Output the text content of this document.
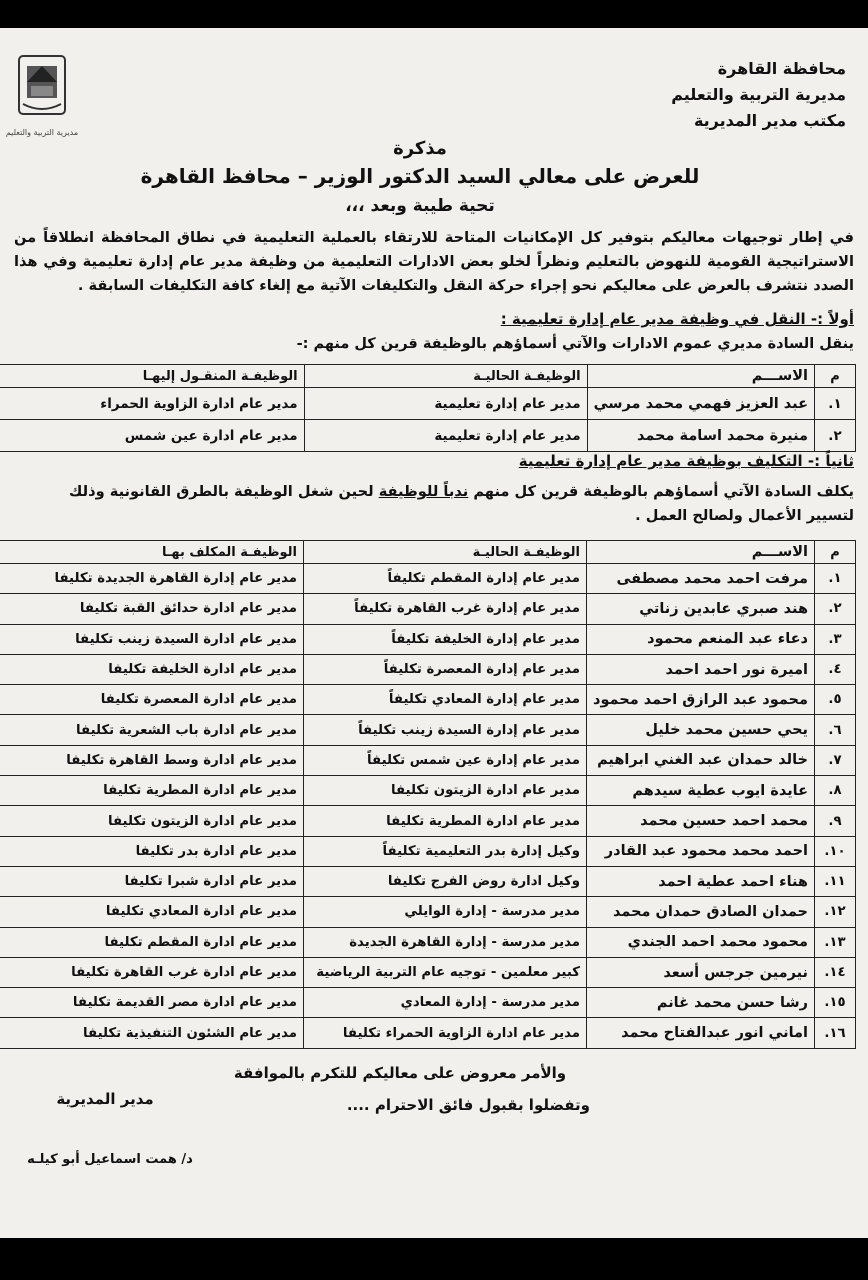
مديرية التربية والتعليم
محافظة القاهرة
مديرية التربية والتعليم
مكتب مدير المديرية
مذكرة
للعرض على معالي السيد الدكتور الوزير – محافظ القاهرة
تحية طيبة وبعد ،،،
في إطار توجيهات معاليكم بتوفير كل الإمكانيات المتاحة للارتقاء بالعملية التعليمية في نطاق المحافظة انطلاقاً من الاستراتيجية القومية للنهوض بالتعليم ونظراً لخلو بعض الادارات التعليمية من وظيفة مدير عام إدارة تعليمية وفي هذا الصدد نتشرف بالعرض على معاليكم نحو إجراء حركة النقل والتكليفات الآتية مع إلغاء كافة التكليفات السابقة .
أولاً :- النقل في وظيفة مدير عام إدارة تعليمية :
ينقل السادة مديري عموم الادارات والآتي أسماؤهم بالوظيفة قرين كل منهم :-
م	الاســـم	الوظيفـة الحاليـة	الوظيفـة المنقـول إليهـا
١.	عبد العزيز فهمي محمد مرسي	مدير عام إدارة تعليمية	مدير عام ادارة الزاوية الحمراء
٢.	منيرة محمد اسامة محمد	مدير عام إدارة تعليمية	مدير عام ادارة عين شمس
ثانياً :- التكليف بوظيفة مدير عام إدارة تعليمية
يكلف السادة الآتي أسماؤهم بالوظيفة قرين كل منهم ندباً للوظيفة لحين شغل الوظيفة بالطرق القانونية وذلك
لتسيير الأعمال ولصالح العمل .
م	الاســـم	الوظيفـة الحاليـة	الوظيفـة المكلف بهـا
١.	مرفت احمد محمد مصطفى	مدير عام إدارة المقطم تكليفاً	مدير عام إدارة القاهرة الجديدة تكليفا
٢.	هند صبري عابدين زناتي	مدير عام إدارة غرب القاهرة تكليفاً	مدير عام ادارة حدائق القبة تكليفا
٣.	دعاء عبد المنعم محمود	مدير عام إدارة الخليفة تكليفاً	مدير عام ادارة السيدة زينب تكليفا
٤.	اميرة نور احمد احمد	مدير عام إدارة المعصرة تكليفاً	مدير عام ادارة الخليفة تكليفا
٥.	محمود عبد الرازق احمد محمود	مدير عام إدارة المعادي تكليفاً	مدير عام ادارة المعصرة تكليفا
٦.	يحي حسين محمد خليل	مدير عام إدارة السيدة زينب تكليفاً	مدير عام ادارة باب الشعرية تكليفا
٧.	خالد حمدان عبد الغني ابراهيم	مدير عام إدارة عين شمس تكليفاً	مدير عام ادارة وسط القاهرة تكليفا
٨.	عايدة ايوب عطية سيدهم	مدير عام ادارة الزيتون تكليفا	مدير عام ادارة المطرية تكليفا
٩.	محمد احمد حسين محمد	مدير عام ادارة المطرية تكليفا	مدير عام ادارة الزيتون تكليفا
١٠.	احمد محمد محمود عبد القادر	وكيل إدارة بدر التعليمية تكليفاً	مدير عام ادارة بدر تكليفا
١١.	هناء احمد عطية احمد	وكيل ادارة روض الفرج تكليفا	مدير عام ادارة شبرا تكليفا
١٢.	حمدان الصادق حمدان محمد	مدير مدرسة - إدارة الوايلي	مدير عام ادارة المعادي تكليفا
١٣.	محمود محمد احمد الجندي	مدير مدرسة - إدارة القاهرة الجديدة	مدير عام ادارة المقطم تكليفا
١٤.	نيرمين جرجس أسعد	كبير معلمين - توجيه عام التربية الرياضية	مدير عام ادارة غرب القاهرة تكليفا
١٥.	رشا حسن محمد غانم	مدير مدرسة - إدارة المعادي	مدير عام ادارة مصر القديمة تكليفا
١٦.	اماني انور عبدالفتاح محمد	مدير عام ادارة الزاوية الحمراء تكليفا	مدير عام الشئون التنفيذية تكليفا
والأمر معروض على معاليكم للتكرم بالموافقة
وتفضلوا بقبول فائق الاحترام ....
مدير المديرية
د/ همت اسماعيل أبو كيلـه
